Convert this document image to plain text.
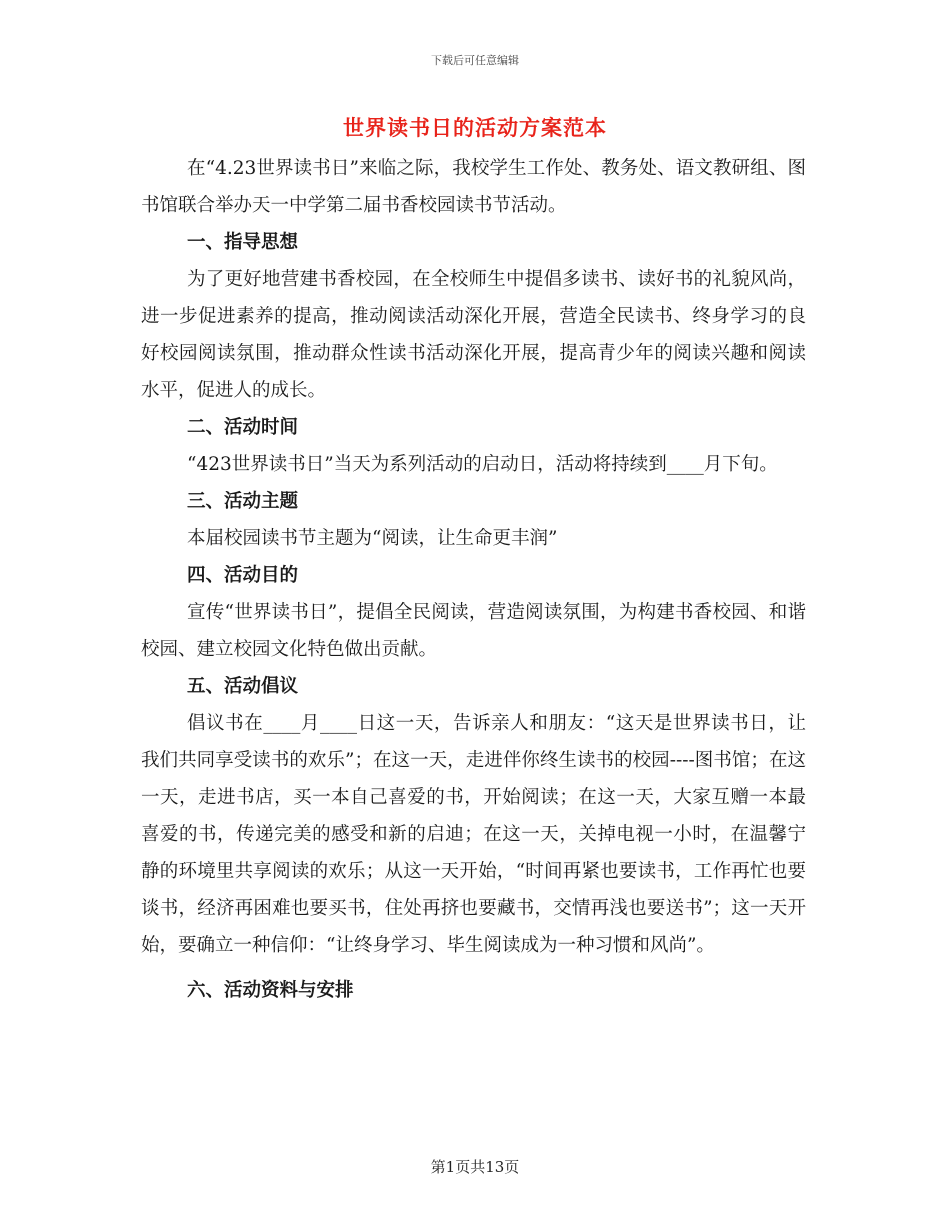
下载后可任意编辑
世界读书日的活动方案范本

在“4.23世界读书日”来临之际，我校学生工作处、教务处、语文教研组、图书馆联合举办天一中学第二届书香校园读书节活动。

一、指导思想

为了更好地营建书香校园，在全校师生中提倡多读书、读好书的礼貌风尚，进一步促进素养的提高，推动阅读活动深化开展，营造全民读书、终身学习的良好校园阅读氛围，推动群众性读书活动深化开展，提高青少年的阅读兴趣和阅读水平，促进人的成长。

二、活动时间

“423世界读书日”当天为系列活动的启动日，活动将持续到____月下旬。

三、活动主题

本届校园读书节主题为“阅读，让生命更丰润”

四、活动目的

宣传“世界读书日”，提倡全民阅读，营造阅读氛围，为构建书香校园、和谐校园、建立校园文化特色做出贡献。

五、活动倡议

倡议书在____月____日这一天，告诉亲人和朋友：“这天是世界读书日，让我们共同享受读书的欢乐”；在这一天，走进伴你终生读书的校园----图书馆；在这一天，走进书店，买一本自己喜爱的书，开始阅读；在这一天，大家互赠一本最喜爱的书，传递完美的感受和新的启迪；在这一天，关掉电视一小时，在温馨宁静的环境里共享阅读的欢乐；从这一天开始，“时间再紧也要读书，工作再忙也要谈书，经济再困难也要买书，住处再挤也要藏书，交情再浅也要送书”；这一天开始，要确立一种信仰：“让终身学习、毕生阅读成为一种习惯和风尚”。

六、活动资料与安排

第1页共13页
